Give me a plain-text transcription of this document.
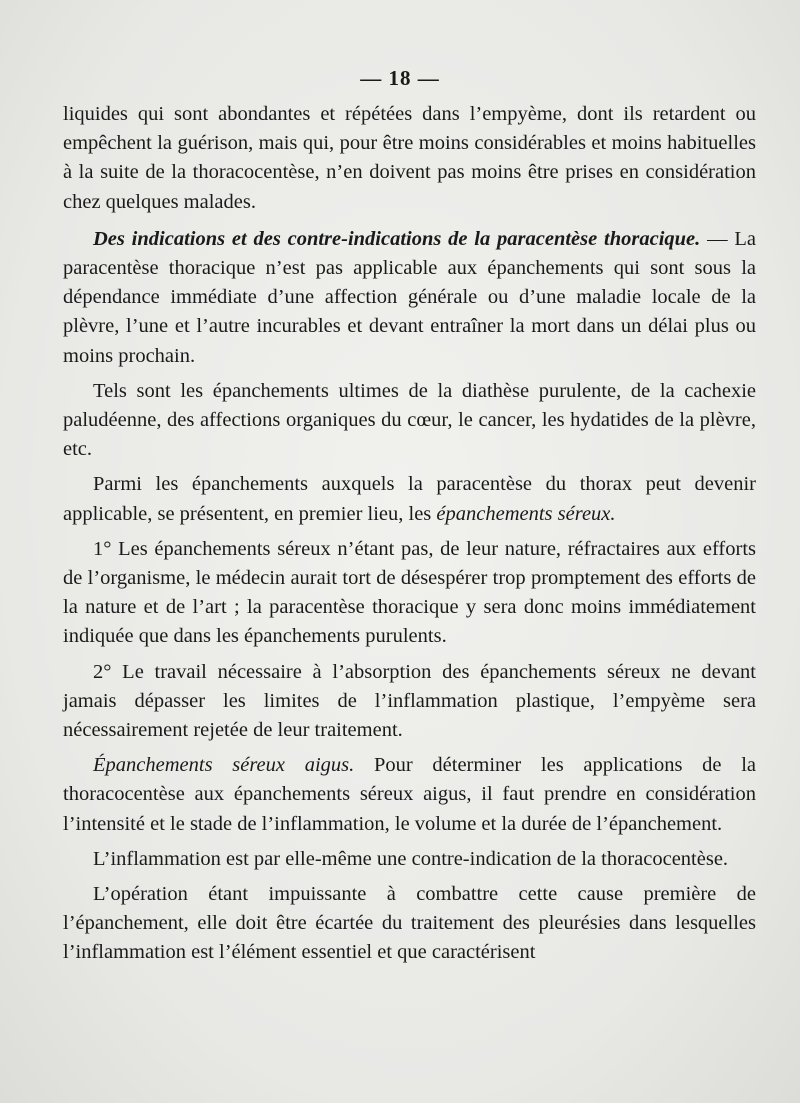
— 18 —

liquides qui sont abondantes et répétées dans l’empyème, dont ils retardent ou empêchent la guérison, mais qui, pour être moins considérables et moins habituelles à la suite de la thoracocentèse, n’en doivent pas moins être prises en considération chez quelques malades.

Des indications et des contre-indications de la paracentèse thoracique. — La paracentèse thoracique n’est pas applicable aux épanchements qui sont sous la dépendance immédiate d’une affection générale ou d’une maladie locale de la plèvre, l’une et l’autre incurables et devant entraîner la mort dans un délai plus ou moins prochain.

Tels sont les épanchements ultimes de la diathèse purulente, de la cachexie paludéenne, des affections organiques du cœur, le cancer, les hydatides de la plèvre, etc.

Parmi les épanchements auxquels la paracentèse du thorax peut devenir applicable, se présentent, en premier lieu, les épanchements séreux.

1° Les épanchements séreux n’étant pas, de leur nature, réfractaires aux efforts de l’organisme, le médecin aurait tort de désespérer trop promptement des efforts de la nature et de l’art ; la paracentèse thoracique y sera donc moins immédiatement indiquée que dans les épanchements purulents.

2° Le travail nécessaire à l’absorption des épanchements séreux ne devant jamais dépasser les limites de l’inflammation plastique, l’empyème sera nécessairement rejetée de leur traitement.

Épanchements séreux aigus. Pour déterminer les applications de la thoracocentèse aux épanchements séreux aigus, il faut prendre en considération l’intensité et le stade de l’inflammation, le volume et la durée de l’épanchement.

L’inflammation est par elle-même une contre-indication de la thoracocentèse.

L’opération étant impuissante à combattre cette cause première de l’épanchement, elle doit être écartée du traitement des pleurésies dans lesquelles l’inflammation est l’élément essentiel et que caractérisent
